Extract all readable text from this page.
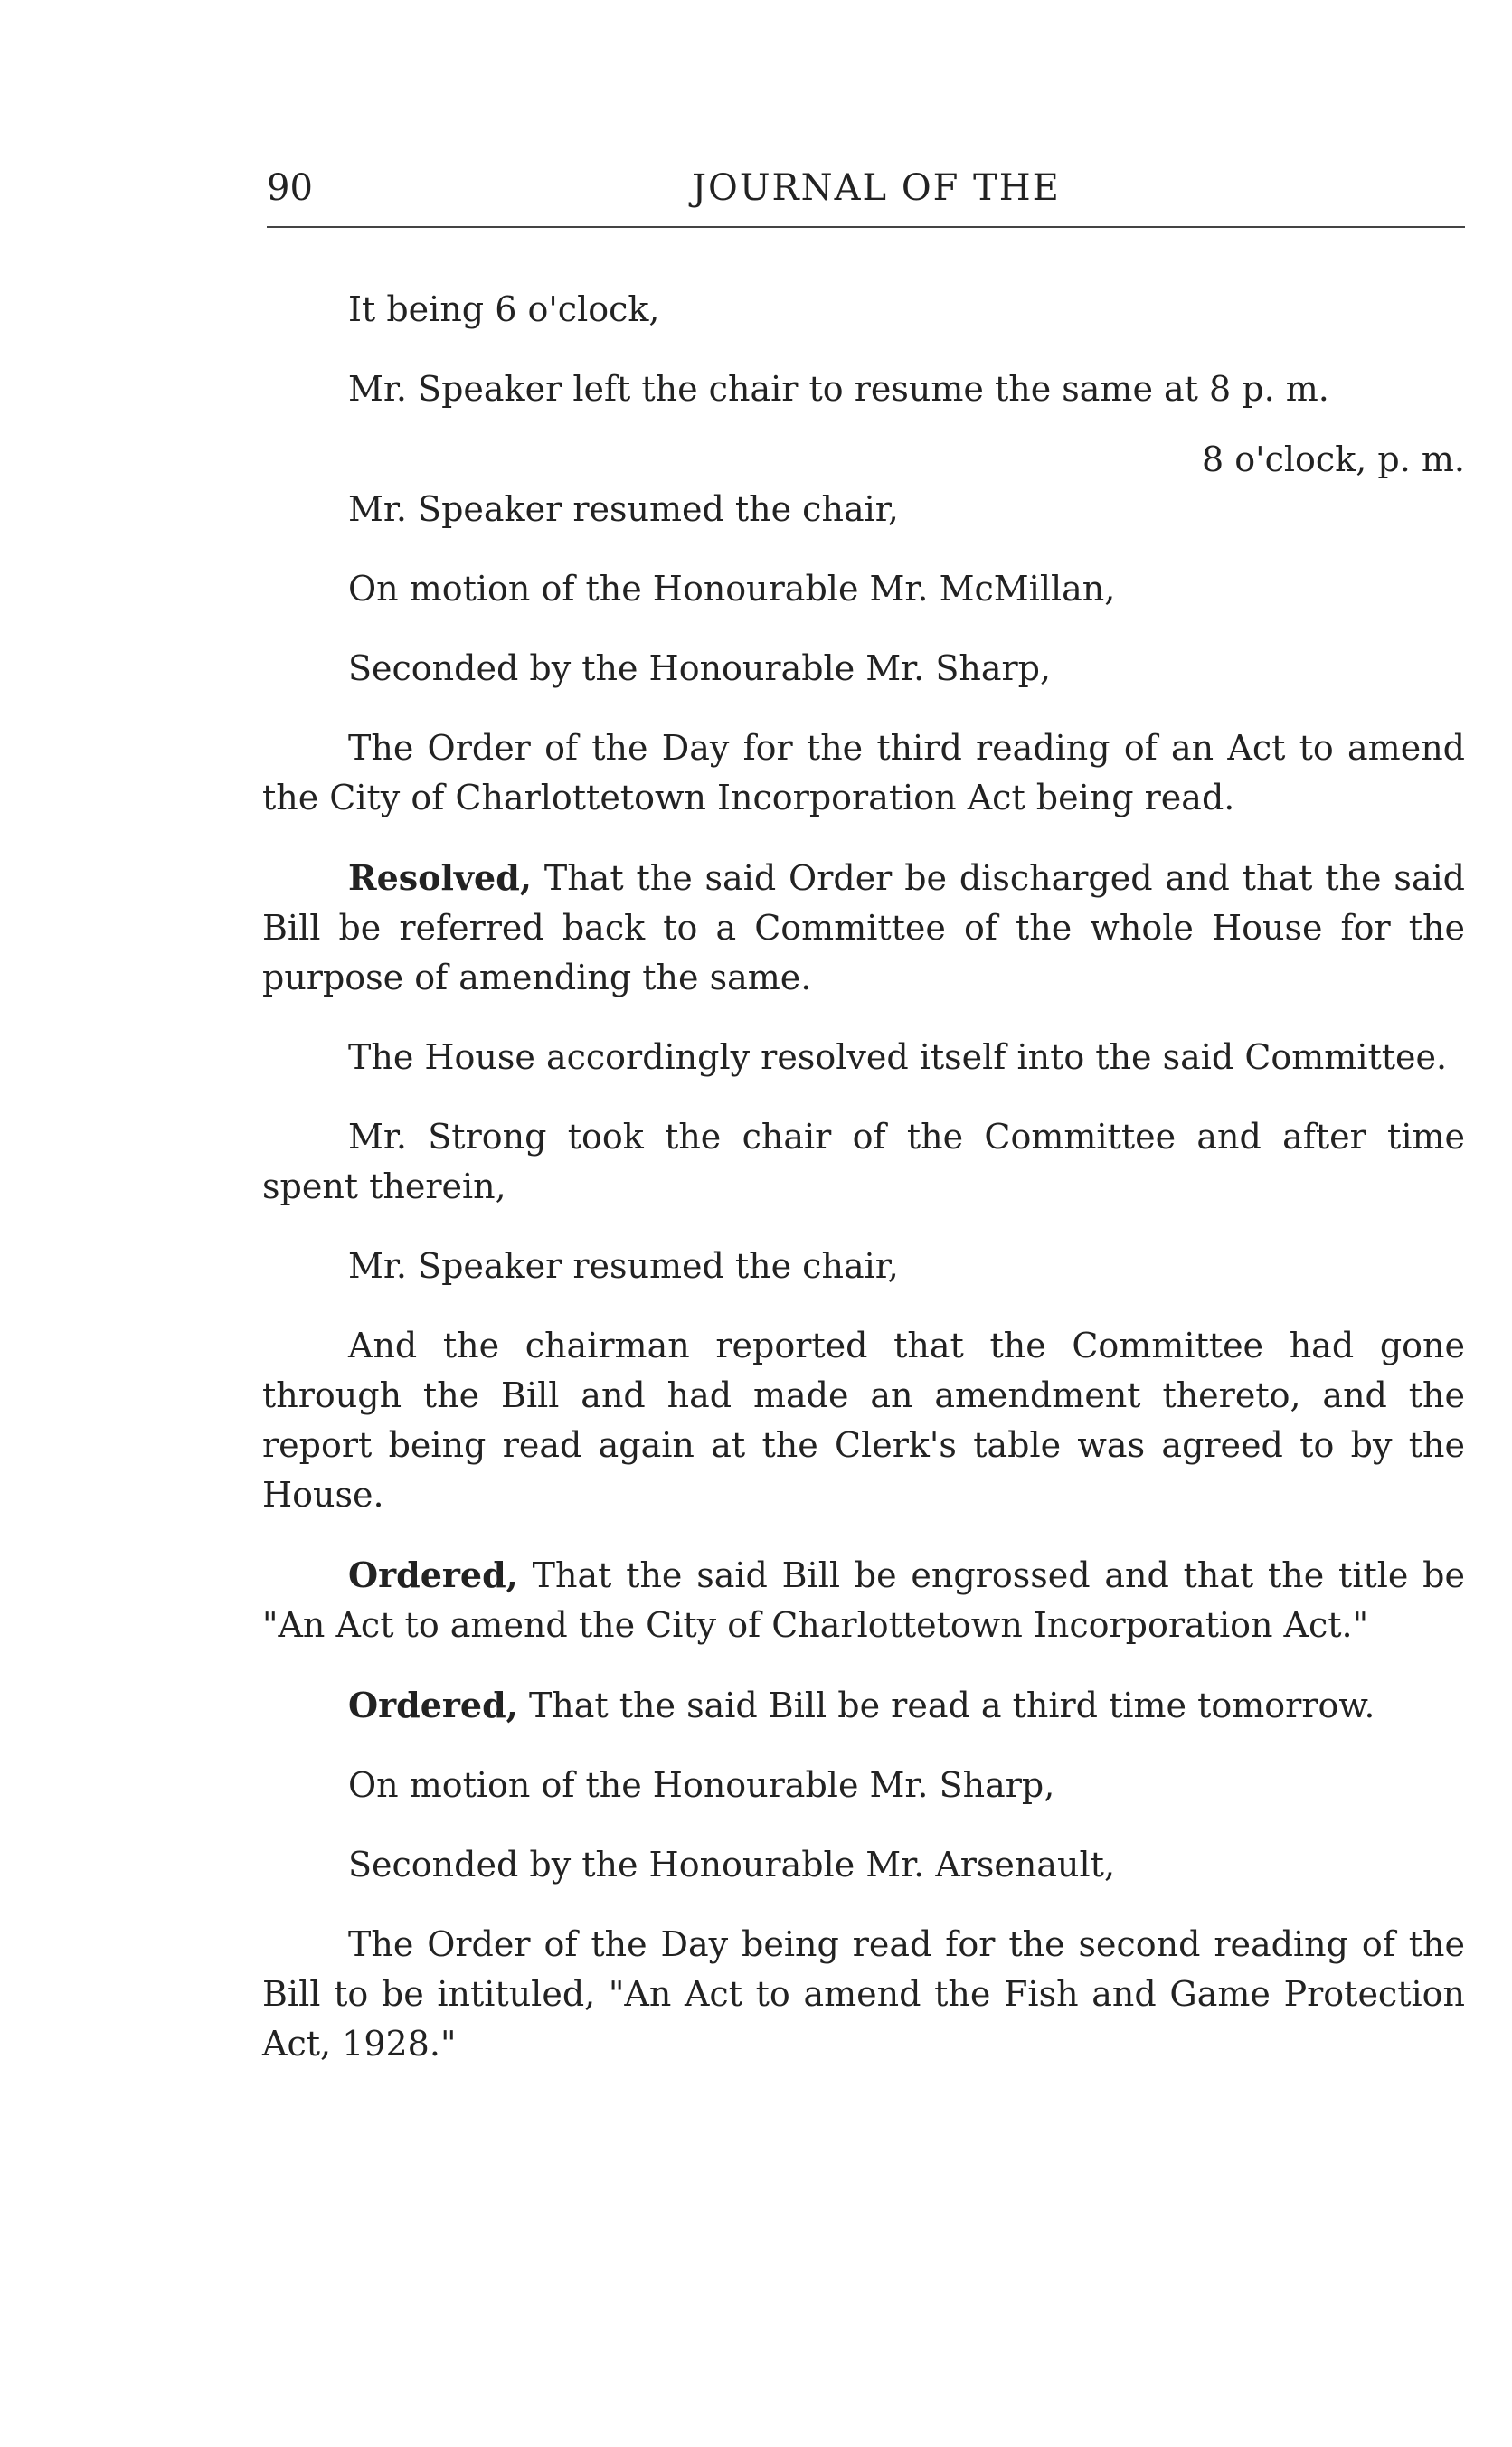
90	JOURNAL OF THE

It being 6 o'clock,

Mr. Speaker left the chair to resume the same at 8 p. m.

8 o'clock, p. m.

Mr. Speaker resumed the chair,

On motion of the Honourable Mr. McMillan,

Seconded by the Honourable Mr. Sharp,

The Order of the Day for the third reading of an Act to amend the City of Charlottetown Incorporation Act being read.

Resolved, That the said Order be discharged and that the said Bill be referred back to a Committee of the whole House for the purpose of amending the same.

The House accordingly resolved itself into the said Committee.

Mr. Strong took the chair of the Committee and after time spent therein,

Mr. Speaker resumed the chair,

And the chairman reported that the Committee had gone through the Bill and had made an amendment thereto, and the report being read again at the Clerk's table was agreed to by the House.

Ordered, That the said Bill be engrossed and that the title be "An Act to amend the City of Charlottetown Incorporation Act."

Ordered, That the said Bill be read a third time tomorrow.

On motion of the Honourable Mr. Sharp,

Seconded by the Honourable Mr. Arsenault,

The Order of the Day being read for the second reading of the Bill to be intituled, "An Act to amend the Fish and Game Protection Act, 1928."
